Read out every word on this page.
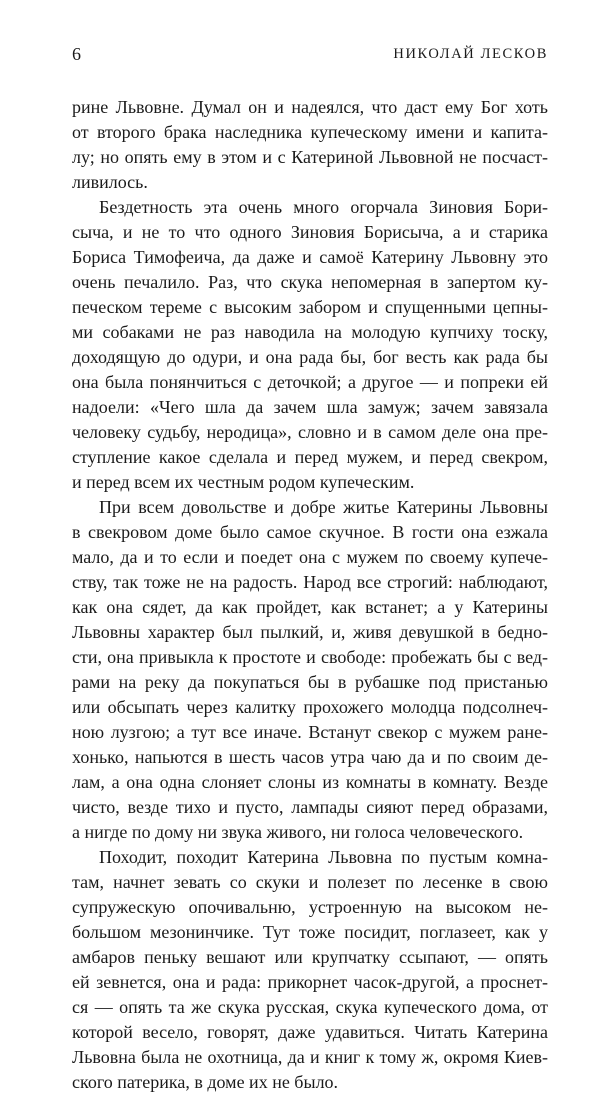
6	НИКОЛАЙ ЛЕСКОВ
рине Львовне. Думал он и надеялся, что даст ему Бог хоть
от второго брака наследника купеческому имени и капита-
лу; но опять ему в этом и с Катериной Львовной не посчаст-
ливилось.
Бездетность эта очень много огорчала Зиновия Бори-
сыча, и не то что одного Зиновия Борисыча, а и старика
Бориса Тимофеича, да даже и самоё Катерину Львовну это
очень печалило. Раз, что скука непомерная в запертом ку-
печеском тереме с высоким забором и спущенными цепны-
ми собаками не раз наводила на молодую купчиху тоску,
доходящую до одури, и она рада бы, бог весть как рада бы
она была понянчиться с деточкой; а другое — и попреки ей
надоели: «Чего шла да зачем шла замуж; зачем завязала
человеку судьбу, неродица», словно и в самом деле она пре-
ступление какое сделала и перед мужем, и перед свекром,
и перед всем их честным родом купеческим.
При всем довольстве и добре житье Катерины Львовны
в свекровом доме было самое скучное. В гости она езжала
мало, да и то если и поедет она с мужем по своему купече-
ству, так тоже не на радость. Народ все строгий: наблюдают,
как она сядет, да как пройдет, как встанет; а у Катерины
Львовны характер был пылкий, и, живя девушкой в бедно-
сти, она привыкла к простоте и свободе: пробежать бы с вед-
рами на реку да покупаться бы в рубашке под пристанью
или обсыпать через калитку прохожего молодца подсолнеч-
ною лузгою; а тут все иначе. Встанут свекор с мужем ране-
хонько, напьются в шесть часов утра чаю да и по своим де-
лам, а она одна слоняет слоны из комнаты в комнату. Везде
чисто, везде тихо и пусто, лампады сияют перед образами,
а нигде по дому ни звука живого, ни голоса человеческого.
Походит, походит Катерина Львовна по пустым комна-
там, начнет зевать со скуки и полезет по лесенке в свою
супружескую опочивальню, устроенную на высоком не-
большом мезонинчике. Тут тоже посидит, поглазеет, как у
амбаров пеньку вешают или крупчатку ссыпают, — опять
ей зевнется, она и рада: прикорнет часок-другой, а проснет-
ся — опять та же скука русская, скука купеческого дома, от
которой весело, говорят, даже удавиться. Читать Катерина
Львовна была не охотница, да и книг к тому ж, окромя Киев-
ского патерика, в доме их не было.
